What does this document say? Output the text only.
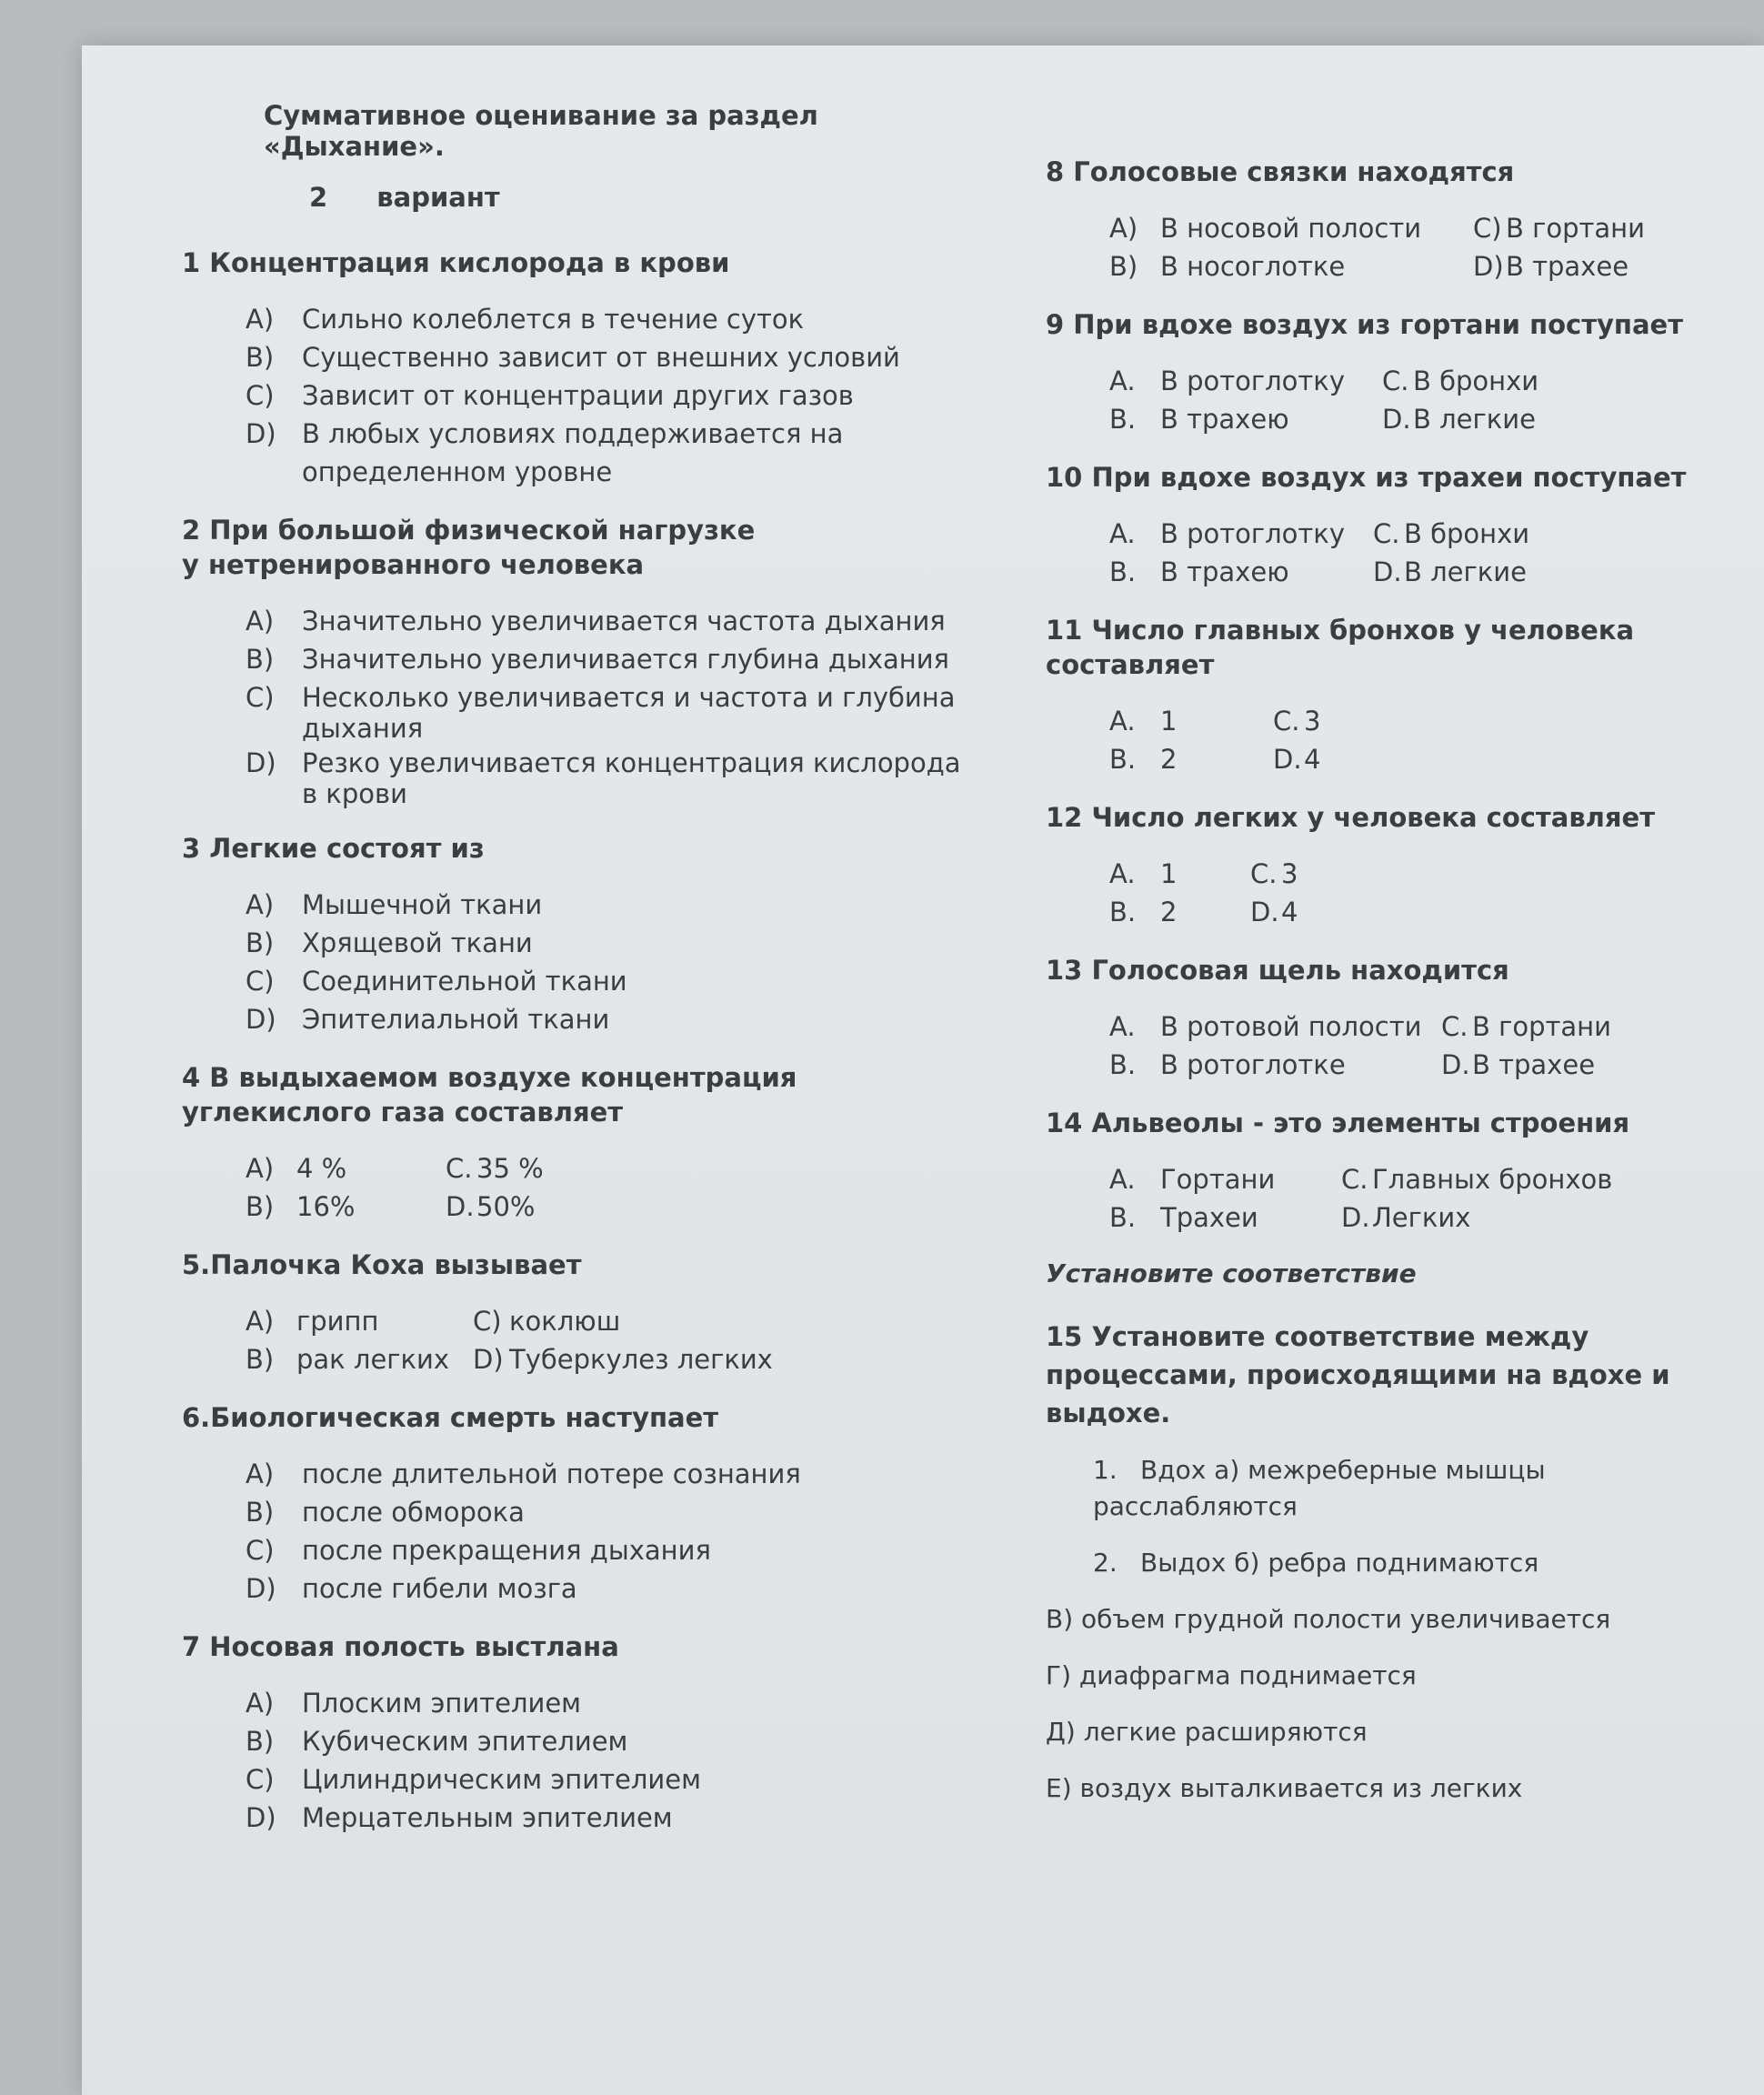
Суммативное оценивание за раздел «Дыхание».
2 вариант
1 Концентрация кислорода в крови
A)	Сильно колеблется в течение суток
B)	Существенно зависит от внешних условий
C)	Зависит от концентрации других газов
D) В любых условиях поддерживается на определенном уровне
2 При большой физической нагрузке у нетренированного человека
A)	Значительно увеличивается частота дыхания
B)	Значительно увеличивается глубина дыхания
C)	Несколько увеличивается и частота и глубина дыхания
D) Резко увеличивается концентрация кислорода в крови
3 Легкие состоят из
A)	Мышечной ткани
B)	Хрящевой ткани
C)	Соединительной ткани
D) Эпителиальной ткани
4 В выдыхаемом воздухе концентрация углекислого газа составляет
A) 4 %	C. 35 %
B) 16%	D. 50%
5.Палочка Коха вызывает
A) грипп	C) коклюш
B) рак легких D) Туберкулез легких
6.Биологическая смерть наступает
A)	после длительной потере сознания
B)	после обморока
C)	после прекращения дыхания
D) после гибели мозга
7 Носовая полость выстлана
A)	Плоским эпителием
B)	Кубическим эпителием
C)	Цилиндрическим эпителием
D) Мерцательным эпителием
8 Голосовые связки находятся
A) В носовой полости C) В гортани
B) В носоглотке	D) В трахее
9 При вдохе воздух из гортани поступает
A. В ротоглотку C. В бронхи
B. В трахею	D. В легкие
10 При вдохе воздух из трахеи поступает
A. В ротоглотку C. В бронхи
B. В трахею	D. В легкие
11 Число главных бронхов у человека составляет
A. 1	C. 3
B. 2	D. 4
12 Число легких у человека составляет
A. 1	C. 3
B. 2	D. 4
13 Голосовая щель находится
A. В ротовой полости C. В гортани
B. В ротоглотке	D. В трахее
14 Альвеолы - это элементы строения
A. Гортани	C. Главных бронхов
B. Трахеи	D. Легких
Установите соответствие
15 Установите соответствие между процессами, происходящими на вдохе и выдохе.
1. Вдох а) межреберные мышцы расслабляются
2. Выдох б) ребра поднимаются
В) объем грудной полости увеличивается
Г) диафрагма поднимается
Д) легкие расширяются
Е) воздух выталкивается из легких
